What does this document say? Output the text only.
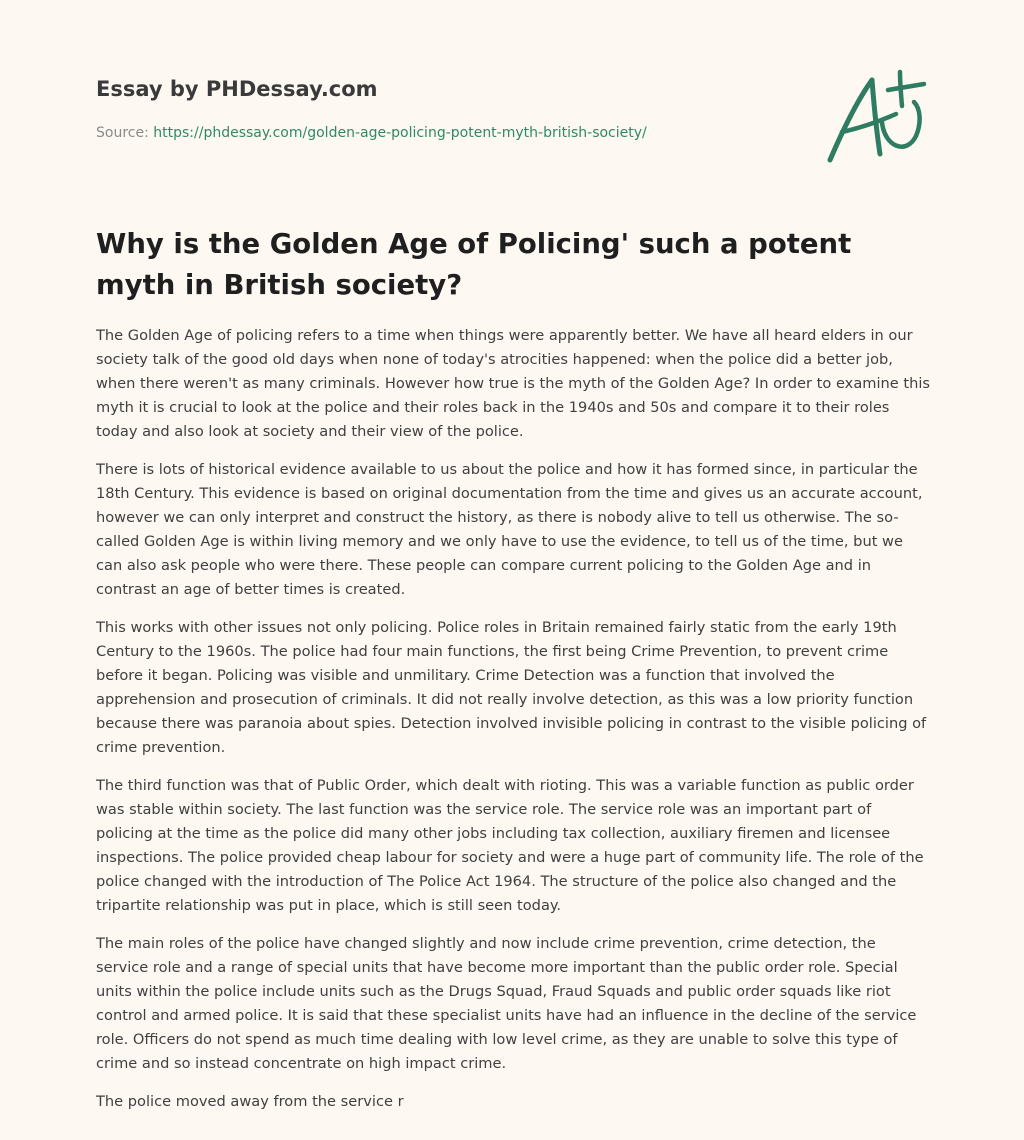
Essay by PHDessay.com
Source: https://phdessay.com/golden-age-policing-potent-myth-british-society/
Why is the Golden Age of Policing' such a potent myth in British society?

The Golden Age of policing refers to a time when things were apparently better. We have all heard elders in our society talk of the good old days when none of today's atrocities happened: when the police did a better job, when there weren't as many criminals. However how true is the myth of the Golden Age? In order to examine this myth it is crucial to look at the police and their roles back in the 1940s and 50s and compare it to their roles today and also look at society and their view of the police.

There is lots of historical evidence available to us about the police and how it has formed since, in particular the 18th Century. This evidence is based on original documentation from the time and gives us an accurate account, however we can only interpret and construct the history, as there is nobody alive to tell us otherwise. The so-called Golden Age is within living memory and we only have to use the evidence, to tell us of the time, but we can also ask people who were there. These people can compare current policing to the Golden Age and in contrast an age of better times is created.

This works with other issues not only policing. Police roles in Britain remained fairly static from the early 19th Century to the 1960s. The police had four main functions, the first being Crime Prevention, to prevent crime before it began. Policing was visible and unmilitary. Crime Detection was a function that involved the apprehension and prosecution of criminals. It did not really involve detection, as this was a low priority function because there was paranoia about spies. Detection involved invisible policing in contrast to the visible policing of crime prevention.

The third function was that of Public Order, which dealt with rioting. This was a variable function as public order was stable within society. The last function was the service role. The service role was an important part of policing at the time as the police did many other jobs including tax collection, auxiliary firemen and licensee inspections. The police provided cheap labour for society and were a huge part of community life. The role of the police changed with the introduction of The Police Act 1964. The structure of the police also changed and the tripartite relationship was put in place, which is still seen today.

The main roles of the police have changed slightly and now include crime prevention, crime detection, the service role and a range of special units that have become more important than the public order role. Special units within the police include units such as the Drugs Squad, Fraud Squads and public order squads like riot control and armed police. It is said that these specialist units have had an influence in the decline of the service role. Officers do not spend as much time dealing with low level crime, as they are unable to solve this type of crime and so instead concentrate on high impact crime.

The police moved away from the service r
